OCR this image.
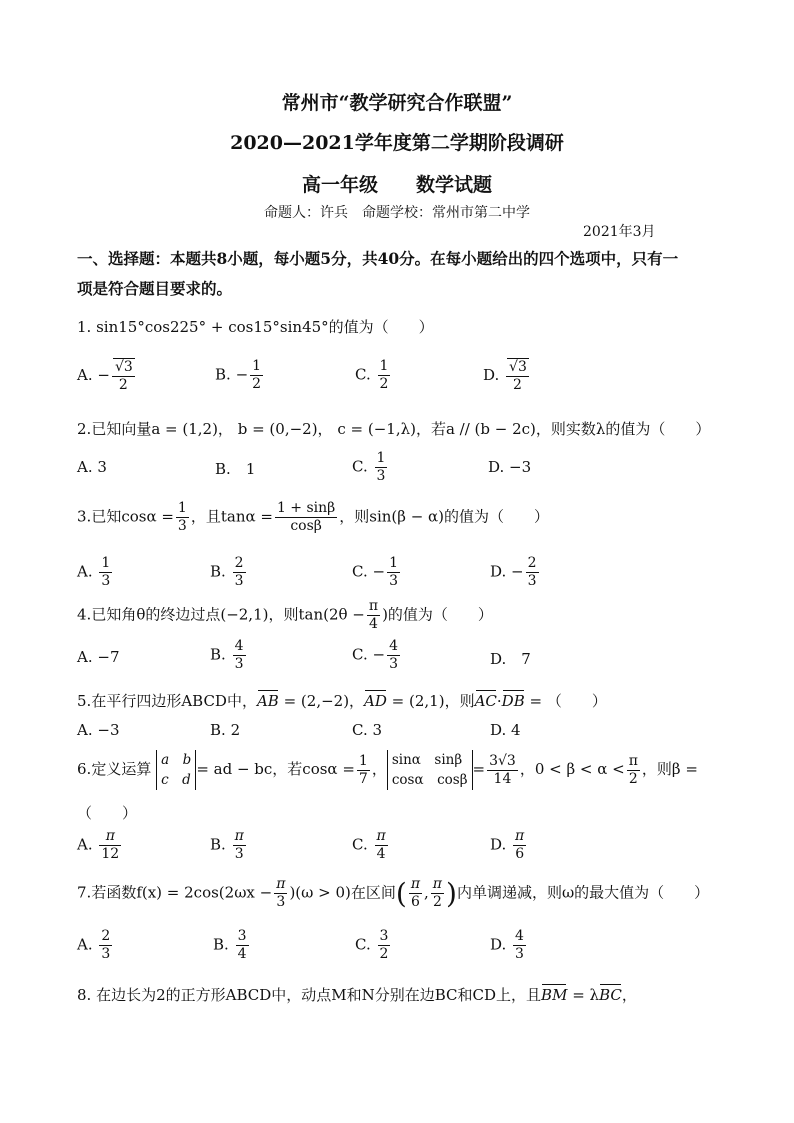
常州市“教学研究合作联盟”
2020—2021学年度第二学期阶段调研
高一年级　　数学试题
命题人：许兵　命题学校：常州市第二中学
2021年3月
一、选择题：本题共8小题，每小题5分，共40分。在每小题给出的四个选项中，只有一
项是符合题目要求的。
1. sin15°cos225° + cos15°sin45°的值为（　　）
A. − $\frac{√3}{2}$	B. − $\frac{1}{2}$	C. $\frac{1}{2}$	D. $\frac{√3}{2}$
2.已知向量a = (1,2)， b = (0,−2)， c = (−1,λ)，若a // (b − 2c)，则实数λ的值为（　　）
A. 3	B.　 1	C. $\frac{1}{3}$	D. −3
3.已知$\cos\alpha = \frac{1}{3}$ ，且$\tan\alpha = \frac{1 + \sin\beta}{\cos\beta}$ ，则sin(β − α)的值为（　　）
A. $\frac{1}{3}$	B. $\frac{2}{3}$	C. − $\frac{1}{3}$	D. − $\frac{2}{3}$
4.已知角θ的终边过点(−2,1)，则$\tan(2\theta - \frac{\pi}{4}$ )的值为（　　）
A. −7	B. $\frac{4}{3}$	C. − $\frac{4}{3}$	D.　 7
5.在平行四边形ABCD中，AB = (2,−2)，AD = (2,1)，则AC·DB = （　　）
A. −3	B. 2	C. 3	D. 4
6.定义运算 a　b
c　d
= ad − bc，若$\cos\alpha = \frac{1}{7}$ ， sinα　sinβ
cosα　cosβ
= $\frac{3√3}{14}$ ，$0 < \beta < \alpha < \frac{\pi}{2}$ ，则β =
（　　）
A. $\frac{\pi}{12}$	B. $\frac{\pi}{3}$	C. $\frac{\pi}{4}$	D. $\frac{\pi}{6}$
7.若函数$f(x) = 2\cos(2\omega x - \frac{\pi}{3} )(\omega > 0)$在区间( $\frac{\pi}{6}$ , $\frac{\pi}{2}$ )内单调递减，则ω的最大值为（　　）
A. $\frac{2}{3}$	B. $\frac{3}{4}$	C. $\frac{3}{2}$	D. $\frac{4}{3}$
8. 在边长为2的正方形ABCD中，动点M和N分别在边BC和CD上，且BM = λBC，
